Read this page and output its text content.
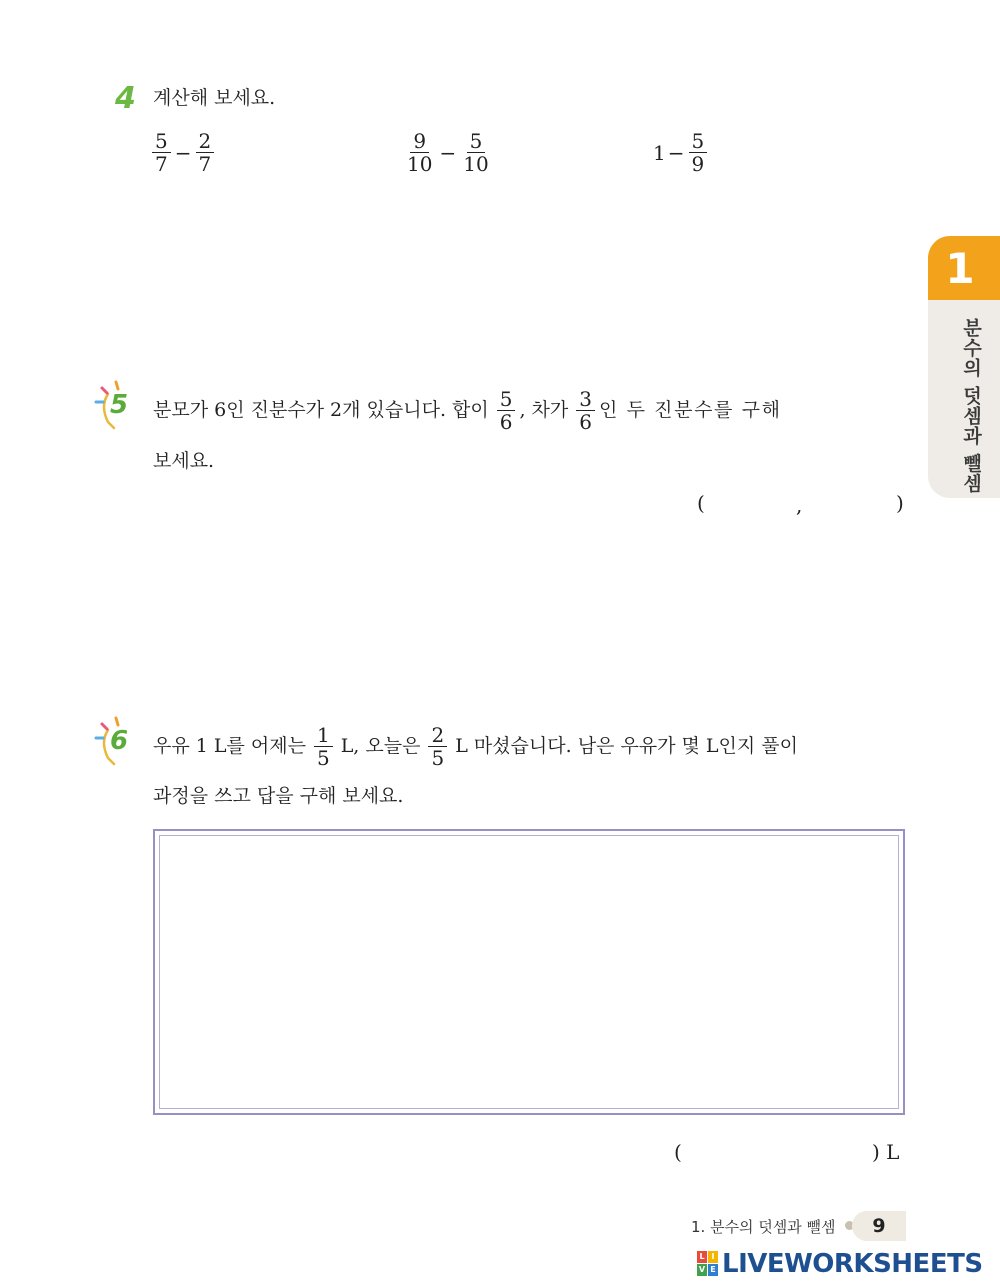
4 계산해 보세요.
$\frac{5}{7} - \frac{2}{7}$	$\frac{9}{10} - \frac{5}{10}$	$1 - \frac{5}{9}$
1
분수의 덧셈과 뺄셈
5 분모가 6인 진분수가 2개 있습니다. 합이 $\frac{5}{6}$ , 차가 $\frac{3}{6}$ 인 두 진분수를 구해
보세요.
(	,	)
6 우유 1 L를 어제는 $\frac{1}{5} L$, 오늘은 $\frac{2}{5}$ L 마셨습니다. 남은 우유가 몇 L인지 풀이
과정을 쓰고 답을 구해 보세요.
(	) L
1. 분수의 덧셈과 뺄셈	9
L I
V E LIVEWORKSHEETS
